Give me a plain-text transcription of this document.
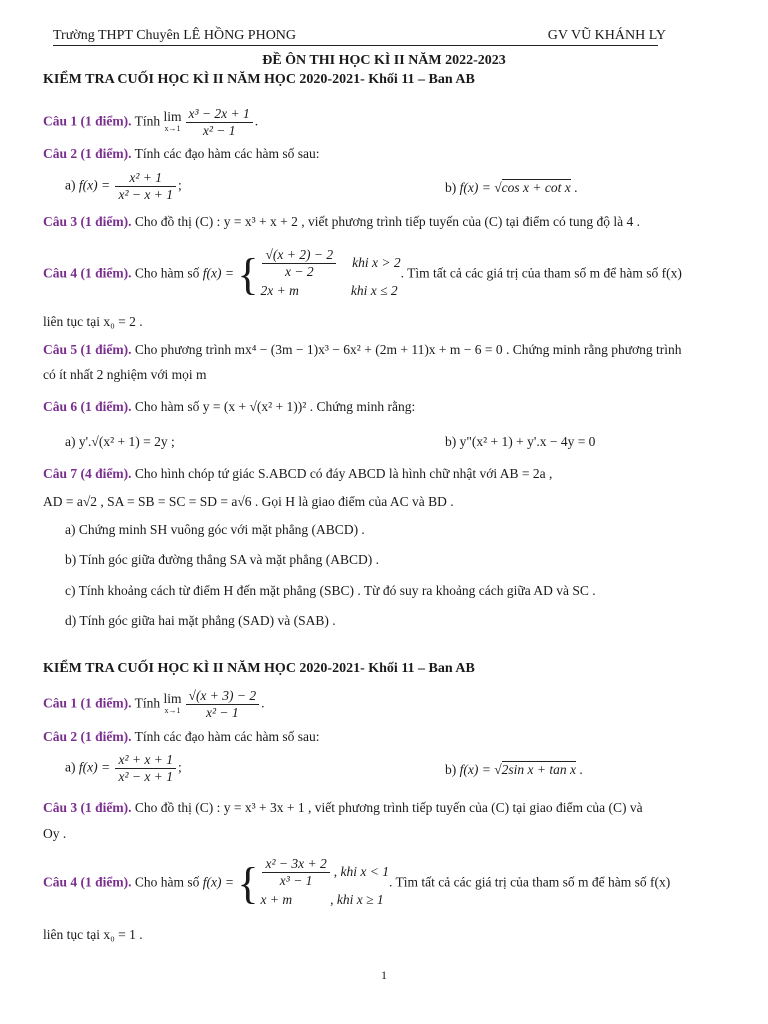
Trường THPT Chuyên LÊ HỒNG PHONG	GV VŨ KHÁNH LY
ĐỀ ÔN THI HỌC KÌ II NĂM 2022-2023
KIỂM TRA CUỐI HỌC KÌ II NĂM HỌC 2020-2021- Khối 11 – Ban AB
Câu 1 (1 điểm). Tính lim
$x\to 1 \frac{\text{x³ − 2x + 1}}{\text{x² − 1}}$ .
Câu 2 (1 điểm). Tính các đạo hàm các hàm số sau:
a) $f(x) = \frac{\text{x² + 1}}{\text{x² − x + 1}}$ ;	b) f(x) = √cos x + cot x .
Câu 3 (1 điểm). Cho đồ thị (C) : y = x³ + x + 2 , viết phương trình tiếp tuyến của (C) tại điểm có tung độ là 4 .
Câu 4 (1 điểm). Cho hàm số f(x) = { $\frac{√(x + 2) - 2}{x - 2}$ khi x > 2
2x + m	khi x ≤ 2
. Tìm tất cả các giá trị của tham số m để hàm số f(x)
liên tục tại x₀ = 2 .
Câu 5 (1 điểm). Cho phương trình mx⁴ − (3m − 1)x³ − 6x² + (2m + 11)x + m − 6 = 0 . Chứng minh rằng phương trình
có ít nhất 2 nghiệm với mọi m
Câu 6 (1 điểm). Cho hàm số y = (x + √(x² + 1))² . Chứng minh rằng:
a) y'.√(x² + 1) = 2y ;	b) y"(x² + 1) + y'.x − 4y = 0
Câu 7 (4 điểm). Cho hình chóp tứ giác S.ABCD có đáy ABCD là hình chữ nhật với AB = 2a ,
AD = a√2 , SA = SB = SC = SD = a√6 . Gọi H là giao điểm của AC và BD .
a) Chứng minh SH vuông góc với mặt phẳng (ABCD) .
b) Tính góc giữa đường thẳng SA và mặt phẳng (ABCD) .
c) Tính khoảng cách từ điểm H đến mặt phẳng (SBC) . Từ đó suy ra khoảng cách giữa AD và SC .
d) Tính góc giữa hai mặt phẳng (SAD) và (SAB) .
KIỂM TRA CUỐI HỌC KÌ II NĂM HỌC 2020-2021- Khối 11 – Ban AB
Câu 1 (1 điểm). Tính lim
$x\to 1 \frac{√(x + 3) - 2}{\text{x² − 1}}$ .
Câu 2 (1 điểm). Tính các đạo hàm các hàm số sau:
a) $f(x) = \frac{\text{x² + x + 1}}{\text{x² − x + 1}}$ ;	b) f(x) = √2sin x + tan x .
Câu 3 (1 điểm). Cho đồ thị (C) : y = x³ + 3x + 1 , viết phương trình tiếp tuyến của (C) tại giao điểm của (C) và
Oy .
Câu 4 (1 điểm). Cho hàm số f(x) = { $\frac{\text{x² − 3x + 2}}{\text{x³ − 1}}$ , khi x < 1
x + m	, khi x ≥ 1
. Tìm tất cả các giá trị của tham số m để hàm số f(x)
liên tục tại x₀ = 1 .
1
